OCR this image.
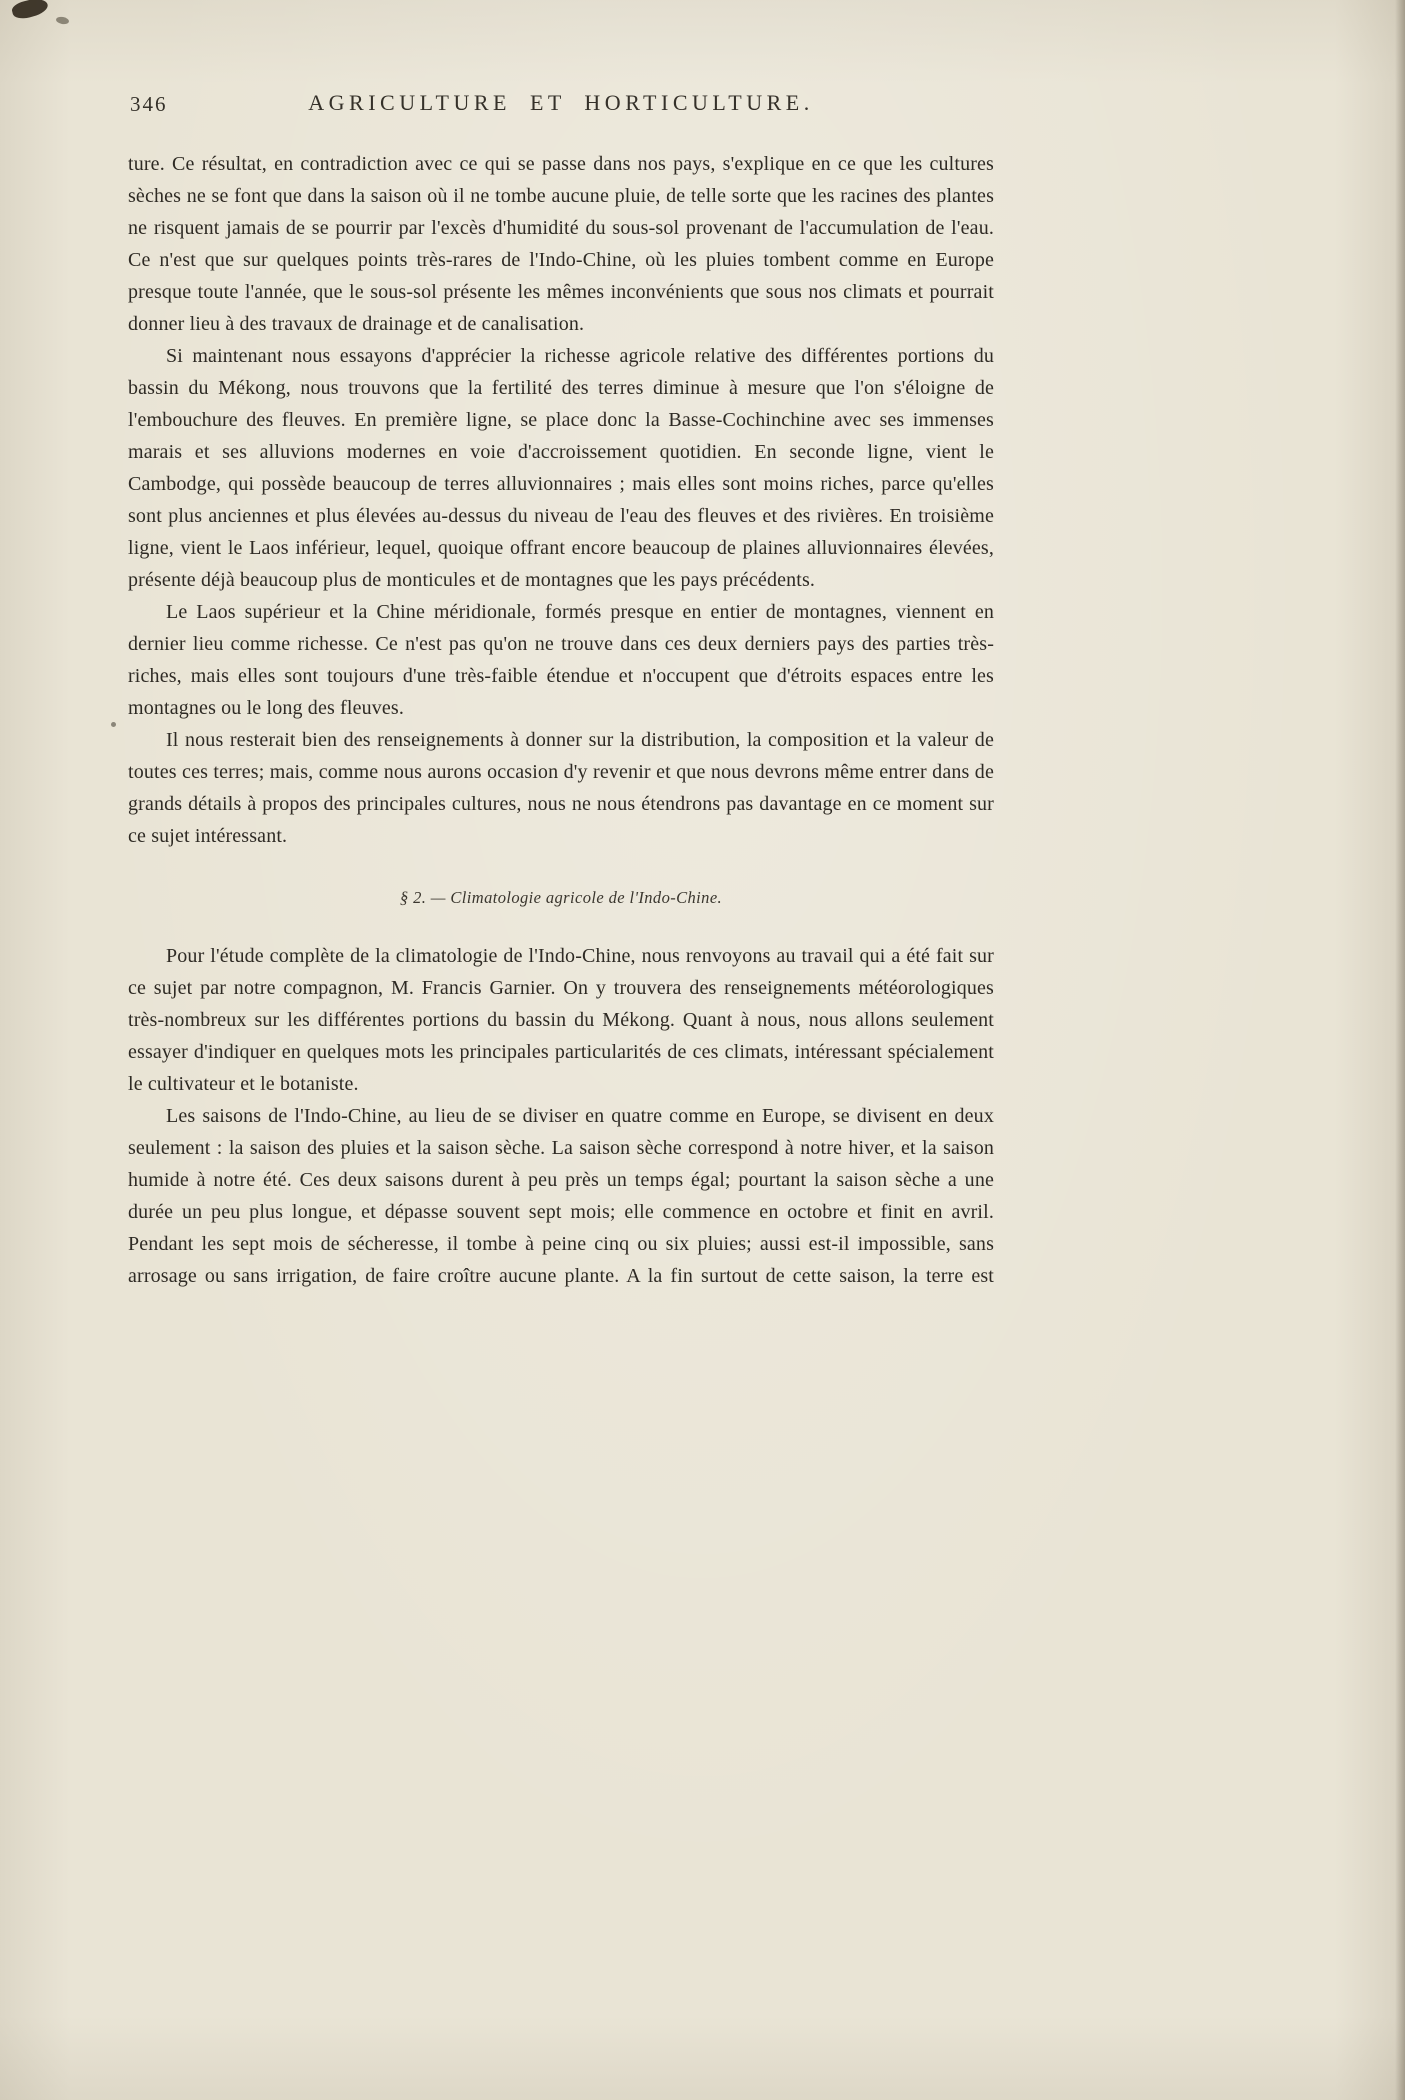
346	AGRICULTURE ET HORTICULTURE.

ture. Ce résultat, en contradiction avec ce qui se passe dans nos pays, s'explique en ce que les cultures sèches ne se font que dans la saison où il ne tombe aucune pluie, de telle sorte que les racines des plantes ne risquent jamais de se pourrir par l'excès d'humidité du sous-sol provenant de l'accumulation de l'eau. Ce n'est que sur quelques points très-rares de l'Indo-Chine, où les pluies tombent comme en Europe presque toute l'année, que le sous-sol présente les mêmes inconvénients que sous nos climats et pourrait donner lieu à des travaux de drainage et de canalisation.

Si maintenant nous essayons d'apprécier la richesse agricole relative des différentes portions du bassin du Mékong, nous trouvons que la fertilité des terres diminue à mesure que l'on s'éloigne de l'embouchure des fleuves. En première ligne, se place donc la Basse-Cochinchine avec ses immenses marais et ses alluvions modernes en voie d'accroissement quotidien. En seconde ligne, vient le Cambodge, qui possède beaucoup de terres alluvionnaires ; mais elles sont moins riches, parce qu'elles sont plus anciennes et plus élevées au-dessus du niveau de l'eau des fleuves et des rivières. En troisième ligne, vient le Laos inférieur, lequel, quoique offrant encore beaucoup de plaines alluvionnaires élevées, présente déjà beaucoup plus de monticules et de montagnes que les pays précédents.

Le Laos supérieur et la Chine méridionale, formés presque en entier de montagnes, viennent en dernier lieu comme richesse. Ce n'est pas qu'on ne trouve dans ces deux derniers pays des parties très-riches, mais elles sont toujours d'une très-faible étendue et n'occupent que d'étroits espaces entre les montagnes ou le long des fleuves.

Il nous resterait bien des renseignements à donner sur la distribution, la composition et la valeur de toutes ces terres; mais, comme nous aurons occasion d'y revenir et que nous devrons même entrer dans de grands détails à propos des principales cultures, nous ne nous étendrons pas davantage en ce moment sur ce sujet intéressant.

§ 2. — Climatologie agricole de l'Indo-Chine.

Pour l'étude complète de la climatologie de l'Indo-Chine, nous renvoyons au travail qui a été fait sur ce sujet par notre compagnon, M. Francis Garnier. On y trouvera des renseignements météorologiques très-nombreux sur les différentes portions du bassin du Mékong. Quant à nous, nous allons seulement essayer d'indiquer en quelques mots les principales particularités de ces climats, intéressant spécialement le cultivateur et le botaniste.

Les saisons de l'Indo-Chine, au lieu de se diviser en quatre comme en Europe, se divisent en deux seulement : la saison des pluies et la saison sèche. La saison sèche correspond à notre hiver, et la saison humide à notre été. Ces deux saisons durent à peu près un temps égal; pourtant la saison sèche a une durée un peu plus longue, et dépasse souvent sept mois; elle commence en octobre et finit en avril. Pendant les sept mois de sécheresse, il tombe à peine cinq ou six pluies; aussi est-il impossible, sans arrosage ou sans irrigation, de faire croître aucune plante. A la fin surtout de cette saison, la terre est
